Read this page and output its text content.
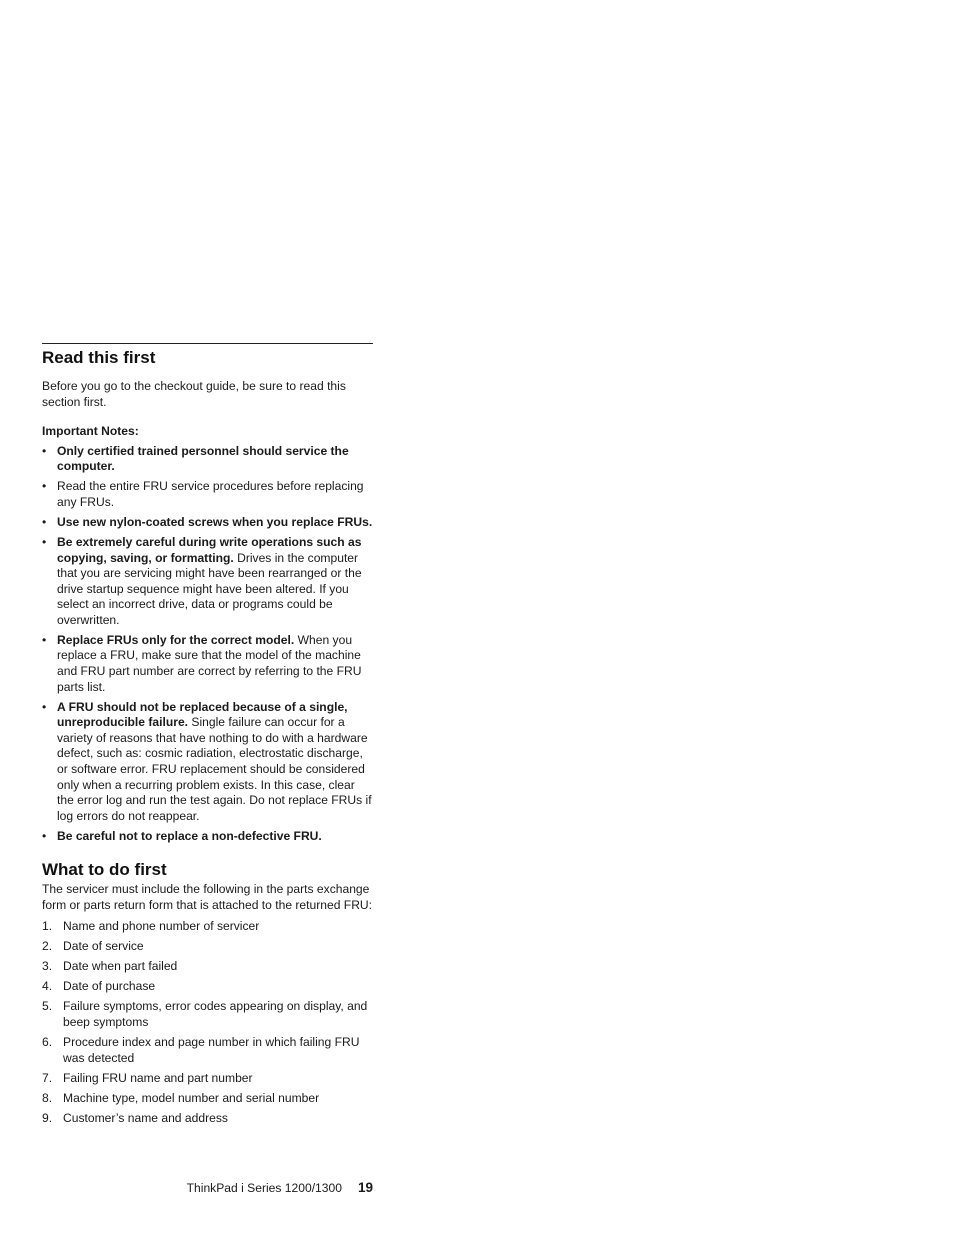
Read this first

Before you go to the checkout guide, be sure to read this section first.

Important Notes:

• Only certified trained personnel should service the computer.
• Read the entire FRU service procedures before replacing any FRUs.
• Use new nylon-coated screws when you replace FRUs.
• Be extremely careful during write operations such as copying, saving, or formatting. Drives in the computer that you are servicing might have been rearranged or the drive startup sequence might have been altered. If you select an incorrect drive, data or programs could be overwritten.
• Replace FRUs only for the correct model. When you replace a FRU, make sure that the model of the machine and FRU part number are correct by referring to the FRU parts list.
• A FRU should not be replaced because of a single, unreproducible failure. Single failure can occur for a variety of reasons that have nothing to do with a hardware defect, such as: cosmic radiation, electrostatic discharge, or software error. FRU replacement should be considered only when a recurring problem exists. In this case, clear the error log and run the test again. Do not replace FRUs if log errors do not reappear.
• Be careful not to replace a non-defective FRU.
What to do first

The servicer must include the following in the parts exchange form or parts return form that is attached to the returned FRU:

1. Name and phone number of servicer
2. Date of service
3. Date when part failed
4. Date of purchase
5. Failure symptoms, error codes appearing on display, and beep symptoms
6. Procedure index and page number in which failing FRU was detected
7. Failing FRU name and part number
8. Machine type, model number and serial number
9. Customer’s name and address
ThinkPad i Series 1200/1300 19
